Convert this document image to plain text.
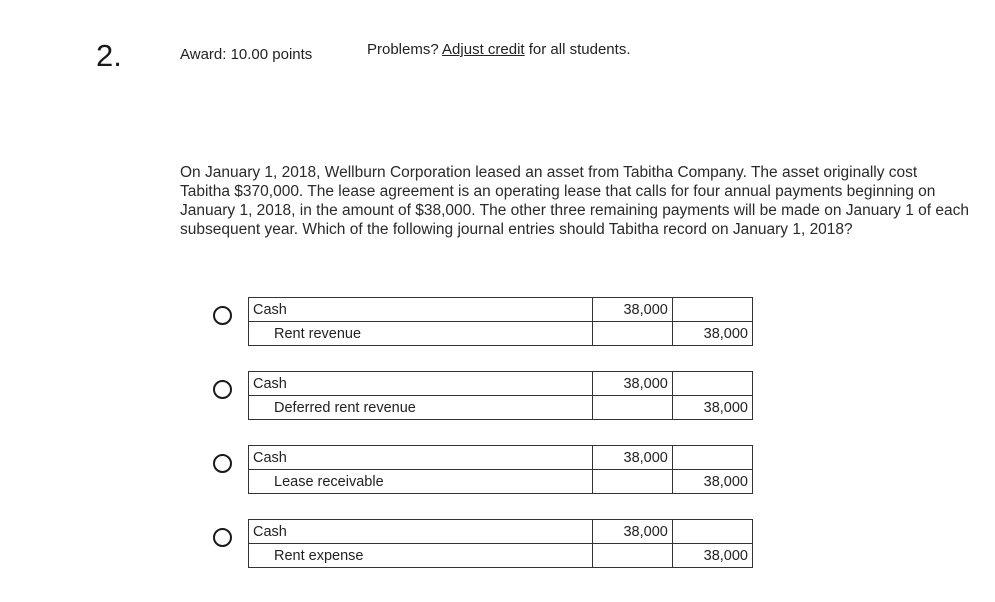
2.	Award: 10.00 points	Problems? Adjust credit for all students.
On January 1, 2018, Wellburn Corporation leased an asset from Tabitha Company. The asset originally cost Tabitha $370,000. The lease agreement is an operating lease that calls for four annual payments beginning on January 1, 2018, in the amount of $38,000. The other three remaining payments will be made on January 1 of each subsequent year. Which of the following journal entries should Tabitha record on January 1, 2018?
Cash	38,000	
Rent revenue		38,000
Cash	38,000	
Deferred rent revenue		38,000
Cash	38,000	
Lease receivable		38,000
Cash	38,000	
Rent expense		38,000
